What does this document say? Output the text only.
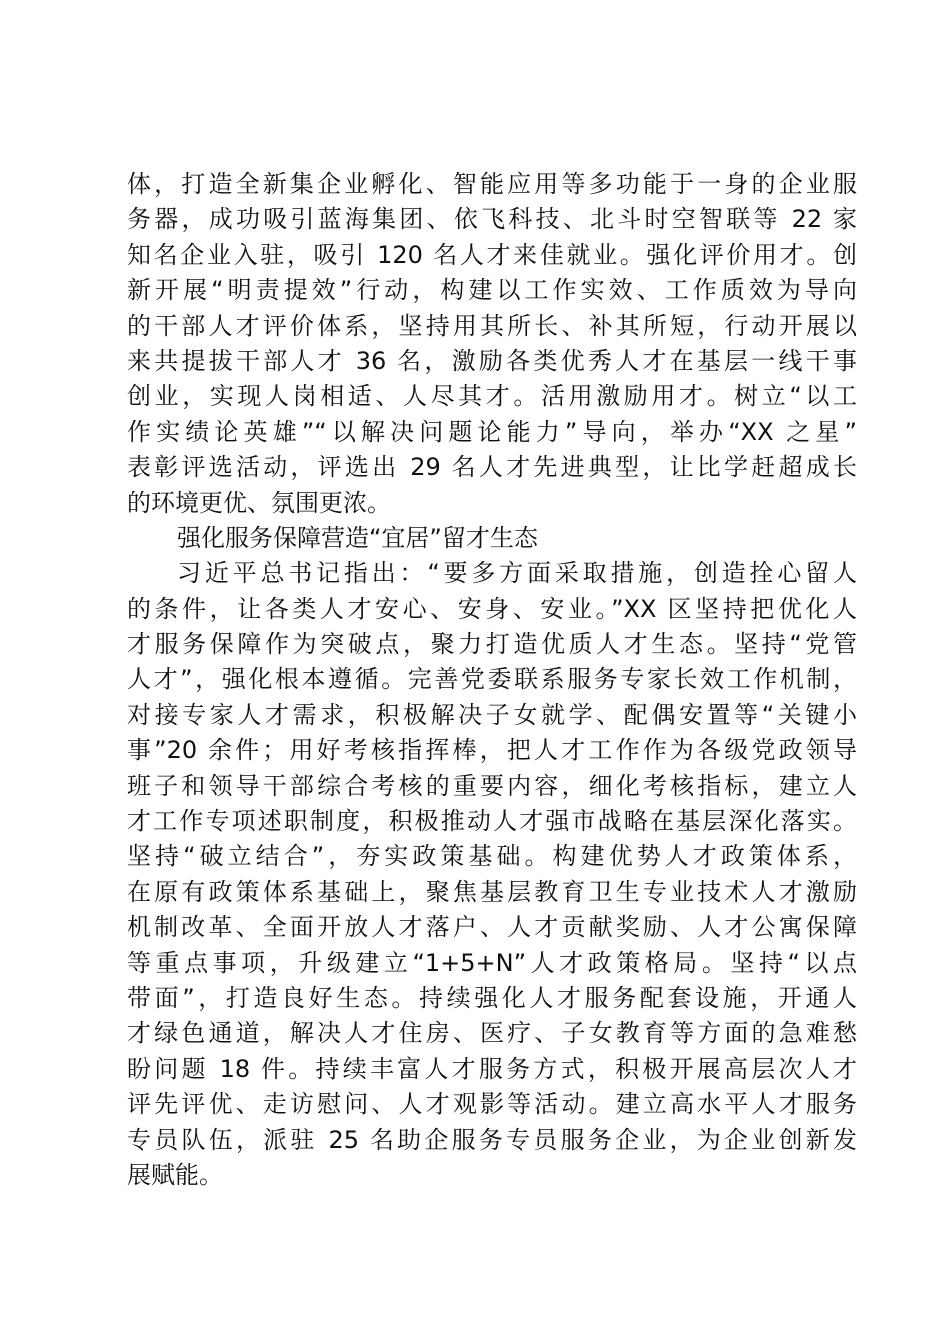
体，打造全新集企业孵化、智能应用等多功能于一身的企业服
务器，成功吸引蓝海集团、依飞科技、北斗时空智联等 22 家
知名企业入驻，吸引 120 名人才来佳就业。强化评价用才。创
新开展“明责提效”行动，构建以工作实效、工作质效为导向
的干部人才评价体系，坚持用其所长、补其所短，行动开展以
来共提拔干部人才 36 名，激励各类优秀人才在基层一线干事
创业，实现人岗相适、人尽其才。活用激励用才。树立“以工
作实绩论英雄”“以解决问题论能力”导向，举办“XX 之星”
表彰评选活动，评选出 29 名人才先进典型，让比学赶超成长
的环境更优、氛围更浓。
强化服务保障营造“宜居”留才生态
习近平总书记指出：“要多方面采取措施，创造拴心留人
的条件，让各类人才安心、安身、安业。”XX 区坚持把优化人
才服务保障作为突破点，聚力打造优质人才生态。坚持“党管
人才”，强化根本遵循。完善党委联系服务专家长效工作机制，
对接专家人才需求，积极解决子女就学、配偶安置等“关键小
事”20 余件；用好考核指挥棒，把人才工作作为各级党政领导
班子和领导干部综合考核的重要内容，细化考核指标，建立人
才工作专项述职制度，积极推动人才强市战略在基层深化落实。
坚持“破立结合”，夯实政策基础。构建优势人才政策体系，
在原有政策体系基础上，聚焦基层教育卫生专业技术人才激励
机制改革、全面开放人才落户、人才贡献奖励、人才公寓保障
等重点事项，升级建立“1+5+N”人才政策格局。坚持“以点
带面”，打造良好生态。持续强化人才服务配套设施，开通人
才绿色通道，解决人才住房、医疗、子女教育等方面的急难愁
盼问题 18 件。持续丰富人才服务方式，积极开展高层次人才
评先评优、走访慰问、人才观影等活动。建立高水平人才服务
专员队伍，派驻 25 名助企服务专员服务企业，为企业创新发
展赋能。
